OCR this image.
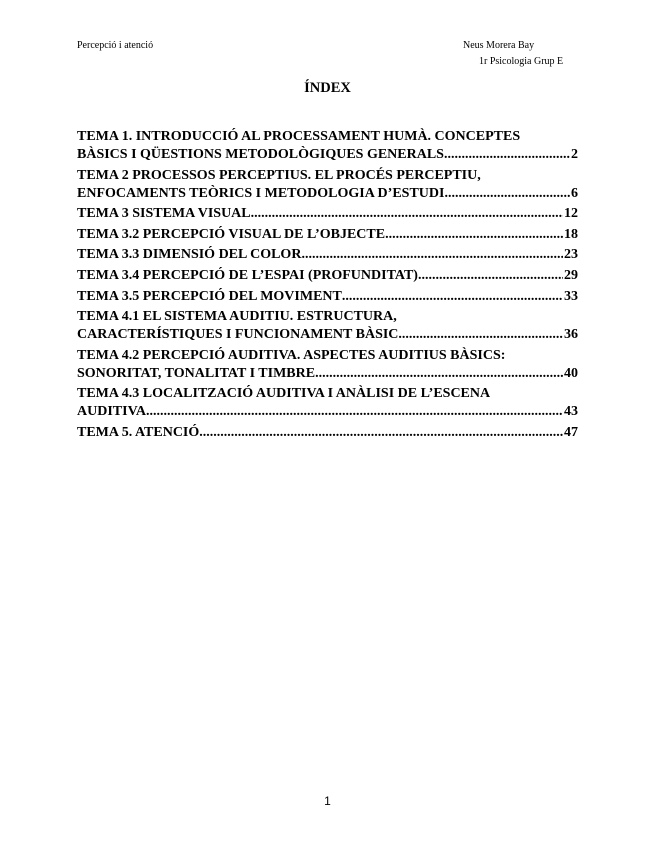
Percepció i atenció	Neus Morera Bay
1r Psicologia Grup E
ÍNDEX
TEMA 1. INTRODUCCIÓ AL PROCESSAMENT HUMÀ. CONCEPTES
BÀSICS I QÜESTIONS METODOLÒGIQUES GENERALS .....	2
TEMA 2 PROCESSOS PERCEPTIUS. EL PROCÉS PERCEPTIU,
ENFOCAMENTS TEÒRICS I METODOLOGIA D’ESTUDI. .....	6
TEMA 3 SISTEMA VISUAL .....	12
TEMA 3.2 PERCEPCIÓ VISUAL DE L’OBJECTE .....	18
TEMA 3.3 DIMENSIÓ DEL COLOR .....	23
TEMA 3.4 PERCEPCIÓ DE L’ESPAI (PROFUNDITAT) .....	29
TEMA 3.5 PERCEPCIÓ DEL MOVIMENT .....	33
TEMA 4.1 EL SISTEMA AUDITIU. ESTRUCTURA,
CARACTERÍSTIQUES I FUNCIONAMENT BÀSIC .....	36
TEMA 4.2 PERCEPCIÓ AUDITIVA. ASPECTES AUDITIUS BÀSICS:
SONORITAT, TONALITAT I TIMBRE .....	40
TEMA 4.3 LOCALITZACIÓ AUDITIVA I ANÀLISI DE L’ESCENA
AUDITIVA .....	43
TEMA 5. ATENCIÓ .....	47
1
